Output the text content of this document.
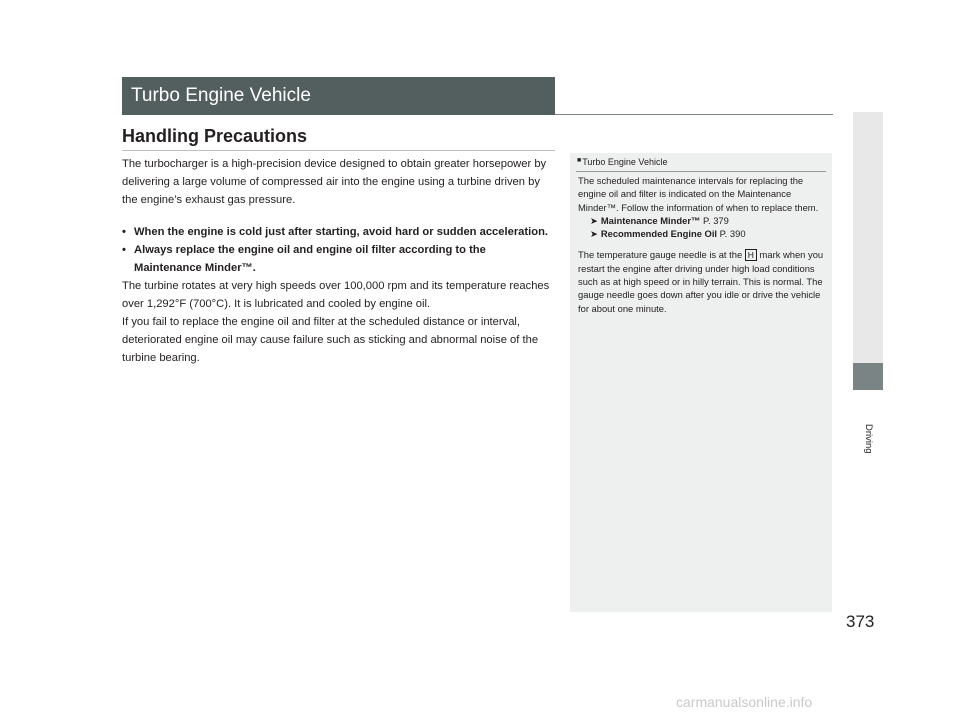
Turbo Engine Vehicle
Handling Precautions

The turbocharger is a high-precision device designed to obtain greater horsepower by delivering a large volume of compressed air into the engine using a turbine driven by the engine’s exhaust gas pressure.

• When the engine is cold just after starting, avoid hard or sudden acceleration.
• Always replace the engine oil and engine oil filter according to the Maintenance Minder™.

The turbine rotates at very high speeds over 100,000 rpm and its temperature reaches over 1,292°F (700°C). It is lubricated and cooled by engine oil.

If you fail to replace the engine oil and filter at the scheduled distance or interval, deteriorated engine oil may cause failure such as sticking and abnormal noise of the turbine bearing.

■Turbo Engine Vehicle

The scheduled maintenance intervals for replacing the engine oil and filter is indicated on the Maintenance Minder™. Follow the information of when to replace them.

➤ Maintenance Minder™ P. 379

➤ Recommended Engine Oil P. 390

The temperature gauge needle is at the H mark when you restart the engine after driving under high load conditions such as at high speed or in hilly terrain. This is normal. The gauge needle goes down after you idle or drive the vehicle for about one minute.

Driving
373
carmanualsonline.info
